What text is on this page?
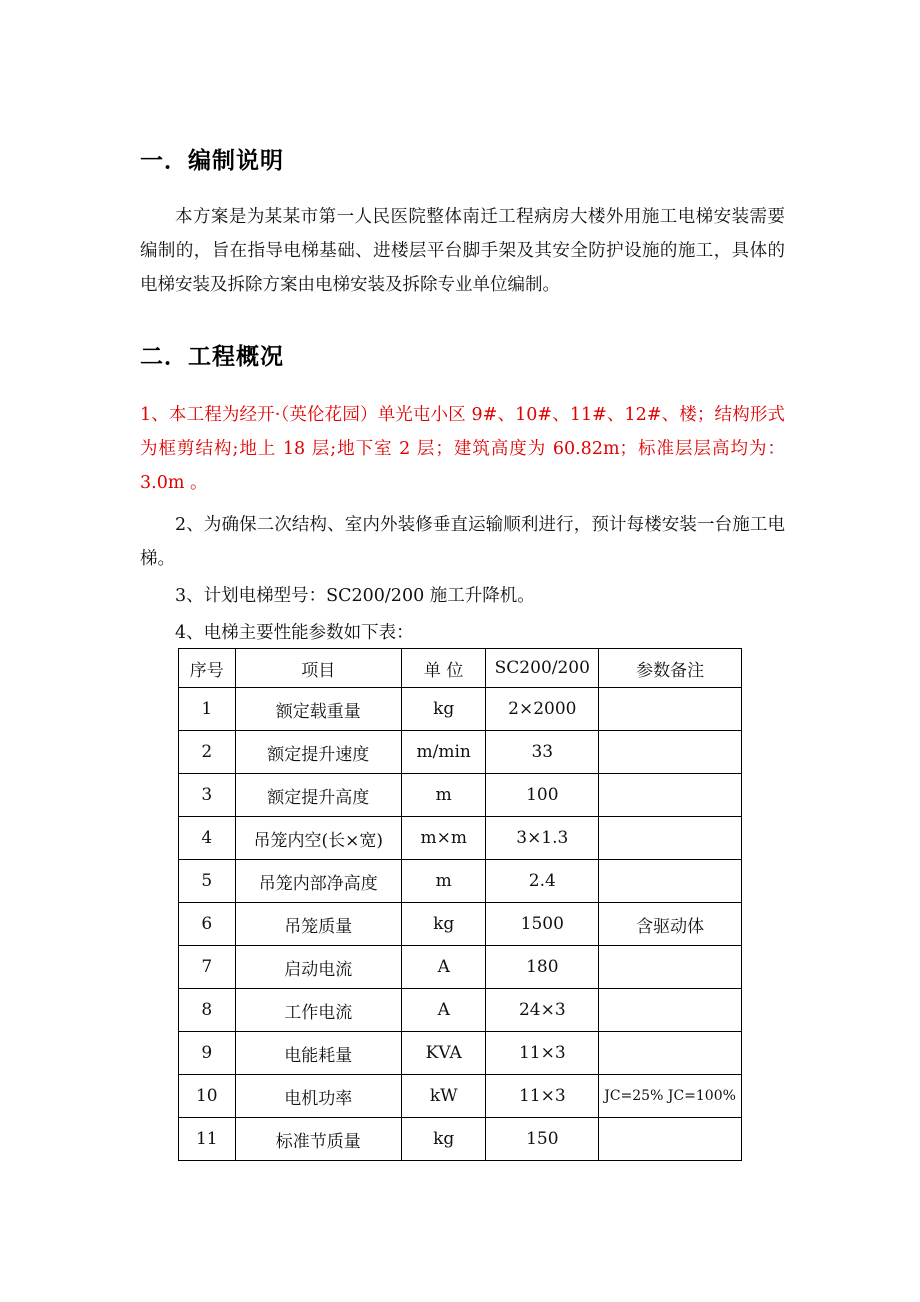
一．编制说明
本方案是为某某市第一人民医院整体南迁工程病房大楼外用施工电梯安装需要编制的，旨在指导电梯基础、进楼层平台脚手架及其安全防护设施的施工，具体的电梯安装及拆除方案由电梯安装及拆除专业单位编制。
二．工程概况
1、本工程为经开·（英伦花园）单光屯小区 9#、10#、11#、12#、楼；结构形式为框剪结构;地上 18 层;地下室 2 层；建筑高度为 60.82m；标准层层高均为：3.0m 。
2、为确保二次结构、室内外装修垂直运输顺利进行，预计每楼安装一台施工电梯。
3、计划电梯型号：SC200/200 施工升降机。
4、电梯主要性能参数如下表：
序号	项目	单 位	SC200/200	参数备注
1	额定载重量	kg	2×2000	
2	额定提升速度	m/min	33	
3	额定提升高度	m	100	
4	吊笼内空(长×宽)	m×m	3×1.3	
5	吊笼内部净高度	m	2.4	
6	吊笼质量	kg	1500	含驱动体
7	启动电流	A	180	
8	工作电流	A	24×3	
9	电能耗量	KVA	11×3	
10	电机功率	kW	11×3	JC=25% JC=100%
11	标准节质量	kg	150	
